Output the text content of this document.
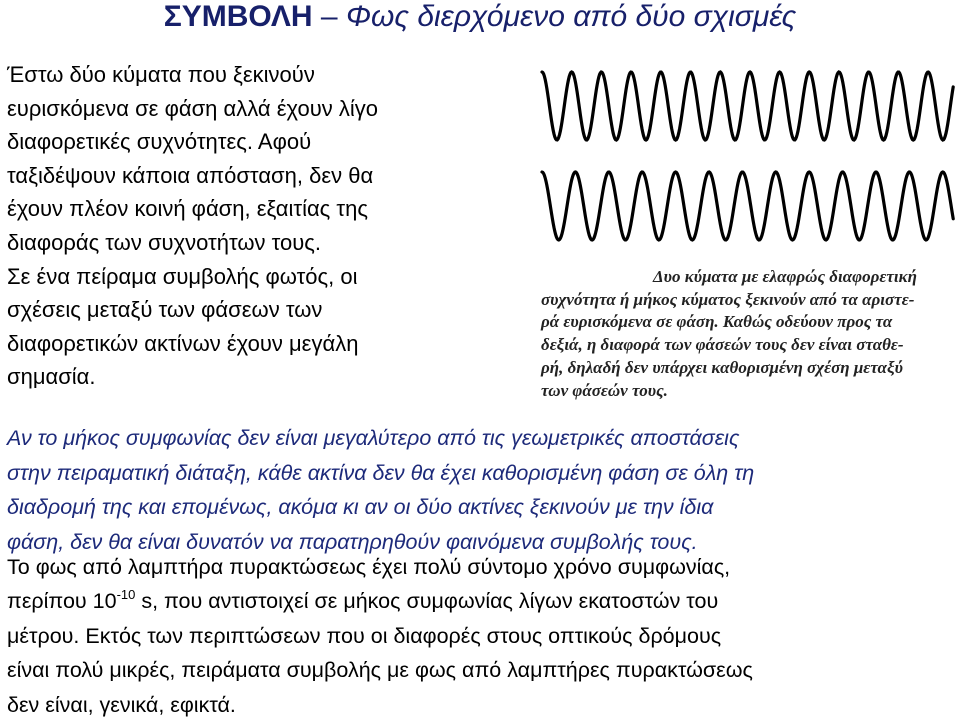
ΣΥΜΒΟΛΗ – Φως διερχόμενο από δύο σχισμές
Έστω δύο κύματα που ξεκινούν
ευρισκόμενα σε φάση αλλά έχουν λίγο
διαφορετικές συχνότητες. Αφού
ταξιδέψουν κάποια απόσταση, δεν θα
έχουν πλέον κοινή φάση, εξαιτίας της
διαφοράς των συχνοτήτων τους.
Σε ένα πείραμα συμβολής φωτός, οι
σχέσεις μεταξύ των φάσεων των
διαφορετικών ακτίνων έχουν μεγάλη
σημασία.
Δυο κύματα με ελαφρώς διαφορετική
συχνότητα ή μήκος κύματος ξεκινούν από τα αριστε-
ρά ευρισκόμενα σε φάση. Καθώς οδεύουν προς τα
δεξιά, η διαφορά των φάσεών τους δεν είναι σταθε-
ρή, δηλαδή δεν υπάρχει καθορισμένη σχέση μεταξύ
των φάσεών τους.
Αν το μήκος συμφωνίας δεν είναι μεγαλύτερο από τις γεωμετρικές αποστάσεις
στην πειραματική διάταξη, κάθε ακτίνα δεν θα έχει καθορισμένη φάση σε όλη τη
διαδρομή της και επομένως, ακόμα κι αν οι δύο ακτίνες ξεκινούν με την ίδια
φάση, δεν θα είναι δυνατόν να παρατηρηθούν φαινόμενα συμβολής τους.
Το φως από λαμπτήρα πυρακτώσεως έχει πολύ σύντομο χρόνο συμφωνίας,
περίπου $10^{-10}$ s, που αντιστοιχεί σε μήκος συμφωνίας λίγων εκατοστών του
μέτρου. Εκτός των περιπτώσεων που οι διαφορές στους οπτικούς δρόμους
είναι πολύ μικρές, πειράματα συμβολής με φως από λαμπτήρες πυρακτώσεως
δεν είναι, γενικά, εφικτά.
